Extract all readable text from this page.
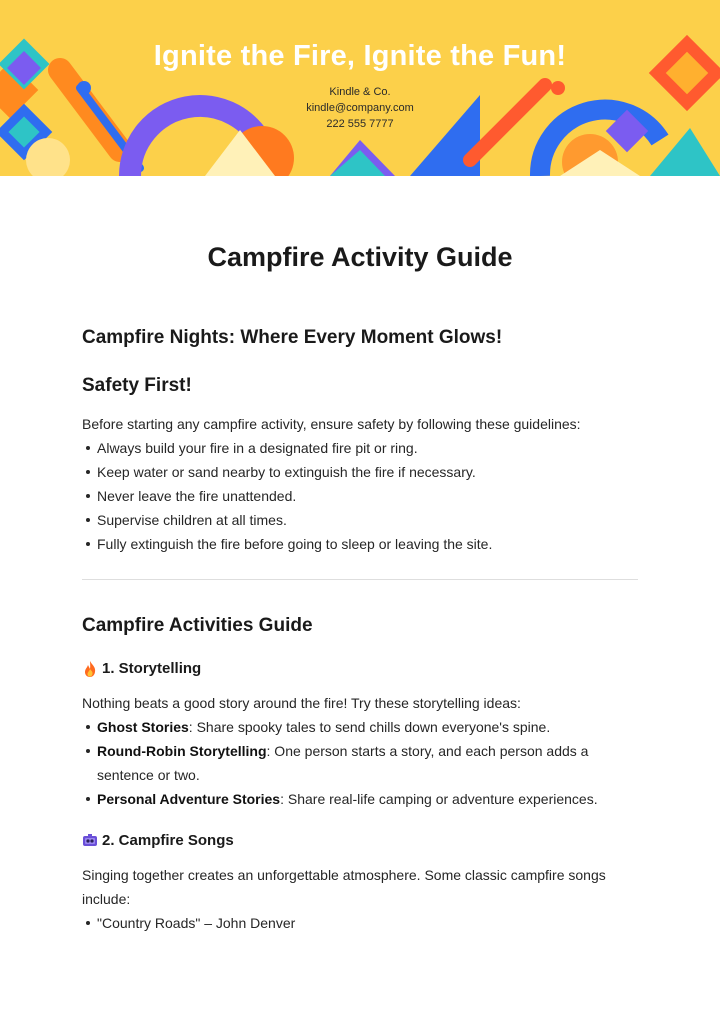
Ignite the Fire, Ignite the Fun!
Kindle & Co.
kindle@company.com
222 555 7777
Campfire Activity Guide
Campfire Nights: Where Every Moment Glows!
Safety First!
Before starting any campfire activity, ensure safety by following these guidelines:
Always build your fire in a designated fire pit or ring.
Keep water or sand nearby to extinguish the fire if necessary.
Never leave the fire unattended.
Supervise children at all times.
Fully extinguish the fire before going to sleep or leaving the site.
Campfire Activities Guide
1. Storytelling
Nothing beats a good story around the fire! Try these storytelling ideas:
Ghost Stories: Share spooky tales to send chills down everyone's spine.
Round-Robin Storytelling: One person starts a story, and each person adds a sentence or two.
Personal Adventure Stories: Share real-life camping or adventure experiences.
2. Campfire Songs
Singing together creates an unforgettable atmosphere. Some classic campfire songs include:
"Country Roads" – John Denver
